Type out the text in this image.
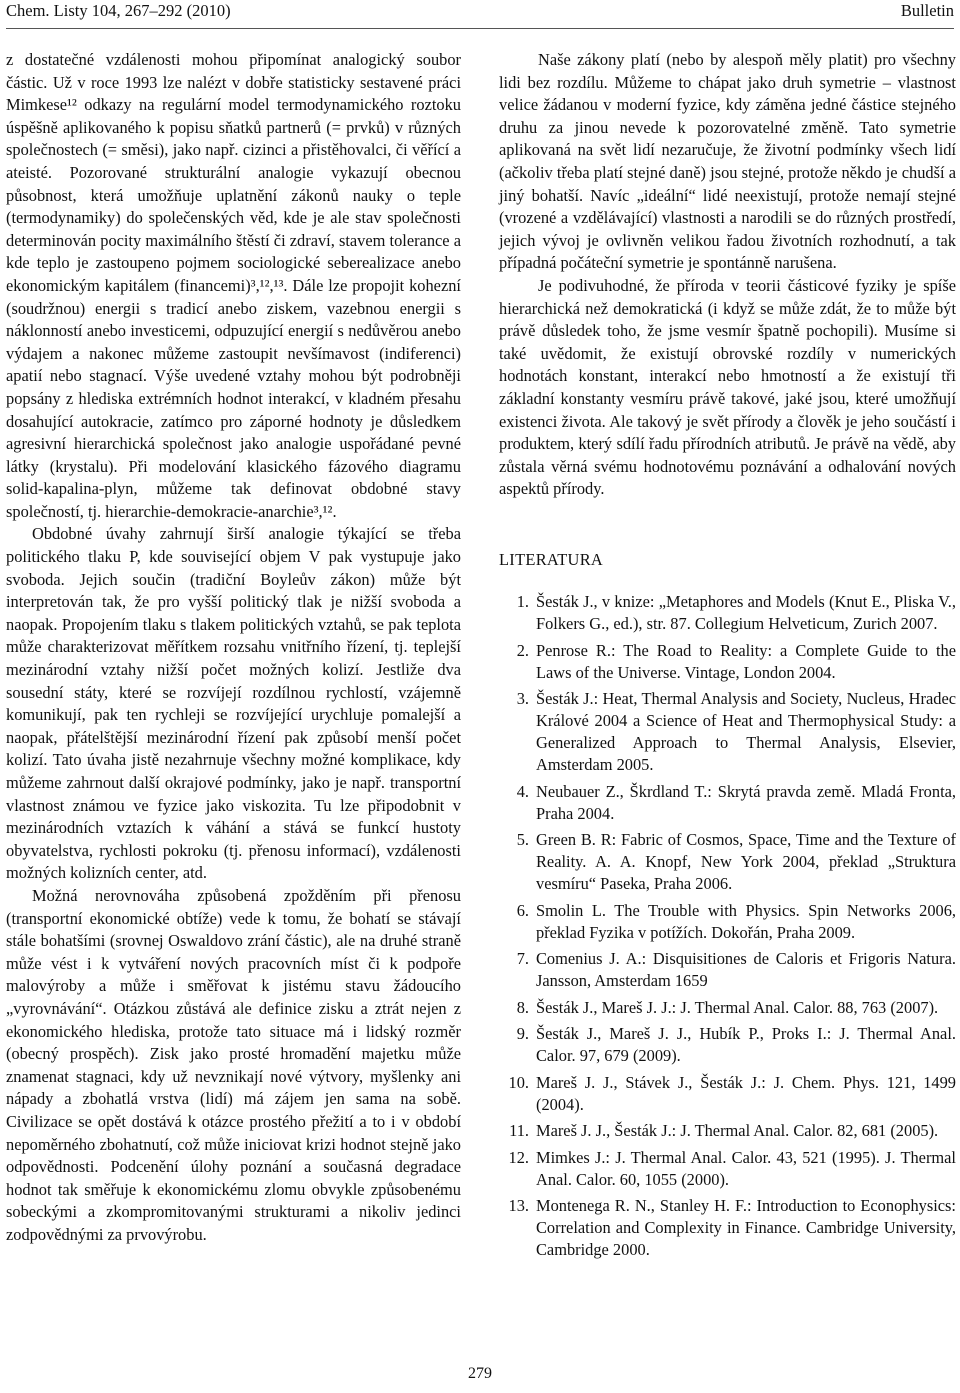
Chem. Listy 104, 267–292 (2010)	Bulletin

z dostatečné vzdálenosti mohou připomínat analogický soubor částic. Už v roce 1993 lze nalézt v dobře statisticky sestavené práci Mimkese¹² odkazy na regulární model termodynamického roztoku úspěšně aplikovaného k popisu sňatků partnerů (= prvků) v různých společnostech (= směsi), jako např. cizinci a přistěhovalci, či věřící a ateisté. Pozorované strukturální analogie vykazují obecnou působnost, která umožňuje uplatnění zákonů nauky o teple (termodynamiky) do společenských věd, kde je ale stav společnosti determinován pocity maximálního štěstí či zdraví, stavem tolerance a kde teplo je zastoupeno pojmem sociologické seberealizace anebo ekonomickým kapitálem (financemi)³,¹²,¹³. Dále lze propojit kohezní (soudržnou) energii s tradicí anebo ziskem, vazebnou energii s náklonností anebo investicemi, odpuzující energií s nedůvěrou anebo výdajem a nakonec můžeme zastoupit nevšímavost (indiferenci) apatií nebo stagnací. Výše uvedené vztahy mohou být podrobněji popsány z hlediska extrémních hodnot interakcí, v kladném přesahu dosahující autokracie, zatímco pro záporné hodnoty je důsledkem agresivní hierarchická společnost jako analogie uspořádané pevné látky (krystalu). Při modelování klasického fázového diagramu solid-kapalina-plyn, můžeme tak definovat obdobné stavy společností, tj. hierarchie-demokracie-anarchie³,¹².

Obdobné úvahy zahrnují širší analogie týkající se třeba politického tlaku P, kde související objem V pak vystupuje jako svoboda. Jejich součin (tradiční Boyleův zákon) může být interpretován tak, že pro vyšší politický tlak je nižší svoboda a naopak. Propojením tlaku s tlakem politických vztahů, se pak teplota může charakterizovat měřítkem rozsahu vnitřního řízení, tj. teplejší mezinárodní vztahy nižší počet možných kolizí. Jestliže dva sousední státy, které se rozvíjejí rozdílnou rychlostí, vzájemně komunikují, pak ten rychleji se rozvíjející urychluje pomalejší a naopak, přátelštější mezinárodní řízení pak způsobí menší počet kolizí. Tato úvaha jistě nezahrnuje všechny možné komplikace, kdy můžeme zahrnout další okrajové podmínky, jako je např. transportní vlastnost známou ve fyzice jako viskozita. Tu lze připodobnit v mezinárodních vztazích k váhání a stává se funkcí hustoty obyvatelstva, rychlosti pokroku (tj. přenosu informací), vzdálenosti možných kolizních center, atd.

Možná nerovnováha způsobená zpožděním při přenosu (transportní ekonomické obtíže) vede k tomu, že bohatí se stávají stále bohatšími (srovnej Oswaldovo zrání částic), ale na druhé straně může vést i k vytváření nových pracovních míst či k podpoře malovýroby a může i směřovat k jistému stavu žádoucího „vyrovnávání“. Otázkou zůstává ale definice zisku a ztrát nejen z ekonomického hlediska, protože tato situace má i lidský rozměr (obecný prospěch). Zisk jako prosté hromadění majetku může znamenat stagnaci, kdy už nevznikají nové výtvory, myšlenky ani nápady a zbohatlá vrstva (lidí) má zájem jen sama na sobě. Civilizace se opět dostává k otázce prostého přežití a to i v období nepoměrného zbohatnutí, což může iniciovat krizi hodnot stejně jako odpovědnosti. Podcenění úlohy poznání a současná degradace hodnot tak směřuje k ekonomickému zlomu obvykle způsobenému sobeckými a zkompromitovanými strukturami a nikoliv jedinci zodpovědnými za prvovýrobu.

Naše zákony platí (nebo by alespoň měly platit) pro všechny lidi bez rozdílu. Můžeme to chápat jako druh symetrie – vlastnost velice žádanou v moderní fyzice, kdy záměna jedné částice stejného druhu za jinou nevede k pozorovatelné změně. Tato symetrie aplikovaná na svět lidí nezaručuje, že životní podmínky všech lidí (ačkoliv třeba platí stejné daně) jsou stejné, protože někdo je chudší a jiný bohatší. Navíc „ideální“ lidé neexistují, protože nemají stejné (vrozené a vzdělávající) vlastnosti a narodili se do různých prostředí, jejich vývoj je ovlivněn velikou řadou životních rozhodnutí, a tak případná počáteční symetrie je spontánně narušena.

Je podivuhodné, že příroda v teorii částicové fyziky je spíše hierarchická než demokratická (i když se může zdát, že to může být právě důsledek toho, že jsme vesmír špatně pochopili). Musíme si také uvědomit, že existují obrovské rozdíly v numerických hodnotách konstant, interakcí nebo hmotností a že existují tři základní konstanty vesmíru právě takové, jaké jsou, které umožňují existenci života. Ale takový je svět přírody a člověk je jeho součástí i produktem, který sdílí řadu přírodních atributů. Je právě na vědě, aby zůstala věrná svému hodnotovému poznávání a odhalování nových aspektů přírody.

LITERATURA
1. Šesták J., v knize: „Metaphores and Models (Knut E., Pliska V., Folkers G., ed.), str. 87. Collegium Helveticum, Zurich 2007.
2. Penrose R.: The Road to Reality: a Complete Guide to the Laws of the Universe. Vintage, London 2004.
3. Šesták J.: Heat, Thermal Analysis and Society, Nucleus, Hradec Králové 2004 a Science of Heat and Thermophysical Study: a Generalized Approach to Thermal Analysis, Elsevier, Amsterdam 2005.
4. Neubauer Z., Škrdland T.: Skrytá pravda země. Mladá Fronta, Praha 2004.
5. Green B. R: Fabric of Cosmos, Space, Time and the Texture of Reality. A. A. Knopf, New York 2004, překlad „Struktura vesmíru“ Paseka, Praha 2006.
6. Smolin L. The Trouble with Physics. Spin Networks 2006, překlad Fyzika v potížích. Dokořán, Praha 2009.
7. Comenius J. A.: Disquisitiones de Caloris et Frigoris Natura. Jansson, Amsterdam 1659
8. Šesták J., Mareš J. J.: J. Thermal Anal. Calor. 88, 763 (2007).
9. Šesták J., Mareš J. J., Hubík P., Proks I.: J. Thermal Anal. Calor. 97, 679 (2009).
10. Mareš J. J., Stávek J., Šesták J.: J. Chem. Phys. 121, 1499 (2004).
11. Mareš J. J., Šesták J.: J. Thermal Anal. Calor. 82, 681 (2005).
12. Mimkes J.: J. Thermal Anal. Calor. 43, 521 (1995). J. Thermal Anal. Calor. 60, 1055 (2000).
13. Montenega R. N., Stanley H. F.: Introduction to Econophysics: Correlation and Complexity in Finance. Cambridge University, Cambridge 2000.
279
